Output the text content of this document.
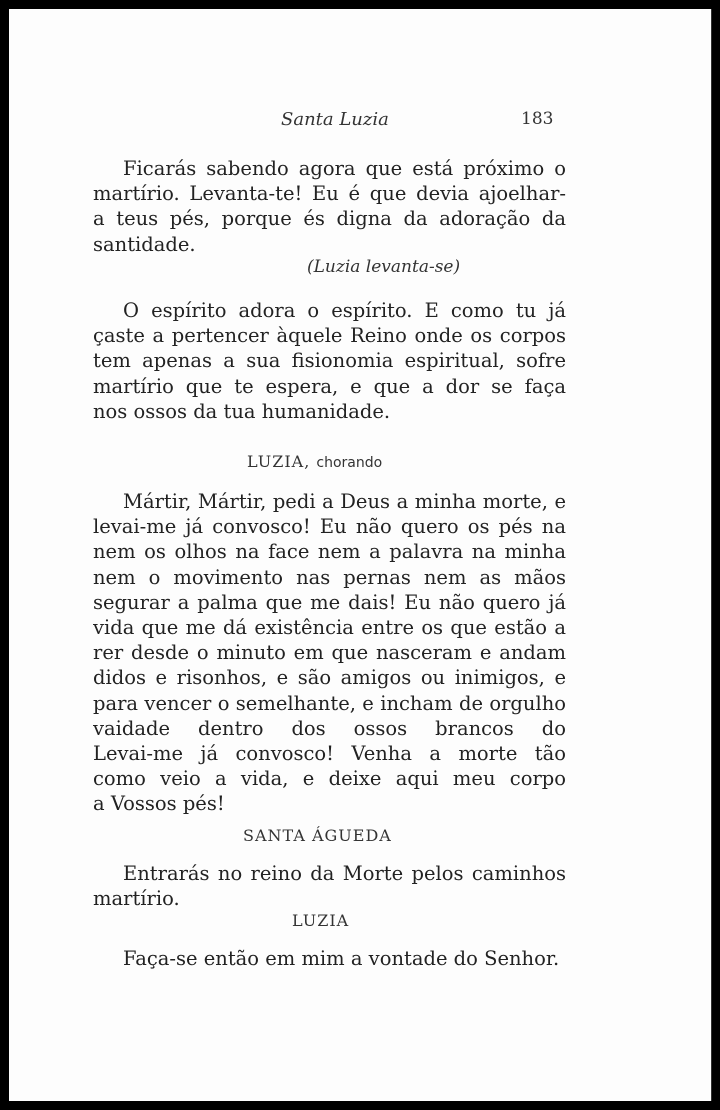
Santa Luzia	183
Ficarás sabendo agora que está próximo o
martírio. Levanta-te! Eu é que devia ajoelhar-
a teus pés, porque és digna da adoração da
santidade.
(Luzia levanta-se)
O espírito adora o espírito. E como tu já
çaste a pertencer àquele Reino onde os corpos
tem apenas a sua fisionomia espiritual, sofre
martírio que te espera, e que a dor se faça
nos ossos da tua humanidade.
LUZIA, chorando
Mártir, Mártir, pedi a Deus a minha morte, e
levai-me já convosco! Eu não quero os pés na
nem os olhos na face nem a palavra na minha
nem o movimento nas pernas nem as mãos
segurar a palma que me dais! Eu não quero já
vida que me dá existência entre os que estão a
rer desde o minuto em que nasceram e andam
didos e risonhos, e são amigos ou inimigos, e
para vencer o semelhante, e incham de orgulho
vaidade dentro dos ossos brancos do
Levai-me já convosco! Venha a morte tão
como veio a vida, e deixe aqui meu corpo
a Vossos pés!
SANTA ÁGUEDA
Entrarás no reino da Morte pelos caminhos
martírio.
LUZIA
Faça-se então em mim a vontade do Senhor.
